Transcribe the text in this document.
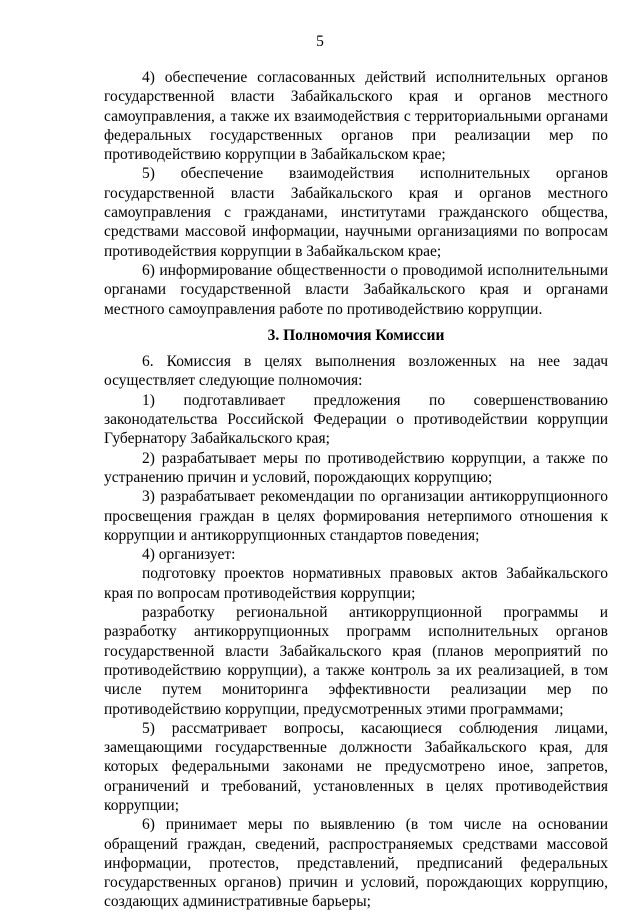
5

4) обеспечение согласованных действий исполнительных органов государственной власти Забайкальского края и органов местного самоуправления, а также их взаимодействия с территориальными органами федеральных государственных органов при реализации мер по противодействию коррупции в Забайкальском крае;

5) обеспечение взаимодействия исполнительных органов государственной власти Забайкальского края и органов местного самоуправления с гражданами, институтами гражданского общества, средствами массовой информации, научными организациями по вопросам противодействия коррупции в Забайкальском крае;

6) информирование общественности о проводимой исполнительными органами государственной власти Забайкальского края и органами местного самоуправления работе по противодействию коррупции.

3. Полномочия Комиссии

6. Комиссия в целях выполнения возложенных на нее задач осуществляет следующие полномочия:

1) подготавливает предложения по совершенствованию законодательства Российской Федерации о противодействии коррупции Губернатору Забайкальского края;

2) разрабатывает меры по противодействию коррупции, а также по устранению причин и условий, порождающих коррупцию;

3) разрабатывает рекомендации по организации антикоррупционного просвещения граждан в целях формирования нетерпимого отношения к коррупции и антикоррупционных стандартов поведения;

4) организует:

подготовку проектов нормативных правовых актов Забайкальского края по вопросам противодействия коррупции;

разработку региональной антикоррупционной программы и разработку антикоррупционных программ исполнительных органов государственной власти Забайкальского края (планов мероприятий по противодействию коррупции), а также контроль за их реализацией, в том числе путем мониторинга эффективности реализации мер по противодействию коррупции, предусмотренных этими программами;

5) рассматривает вопросы, касающиеся соблюдения лицами, замещающими государственные должности Забайкальского края, для которых федеральными законами не предусмотрено иное, запретов, ограничений и требований, установленных в целях противодействия коррупции;

6) принимает меры по выявлению (в том числе на основании обращений граждан, сведений, распространяемых средствами массовой информации, протестов, представлений, предписаний федеральных государственных органов) причин и условий, порождающих коррупцию, создающих административные барьеры;
